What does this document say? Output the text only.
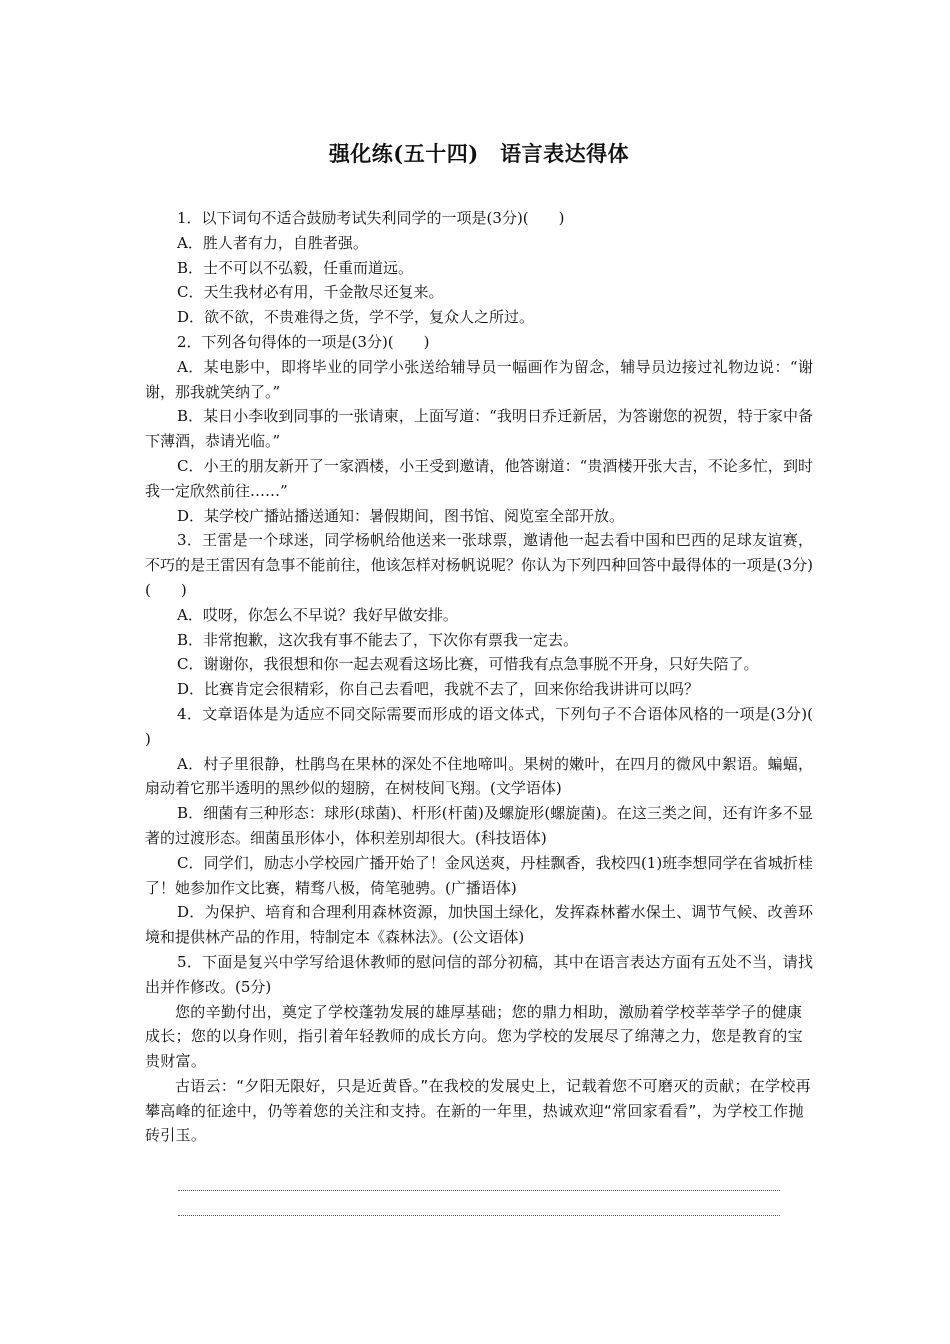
强化练(五十四)　语言表达得体

1．以下词句不适合鼓励考试失利同学的一项是(3分)(　　)

A．胜人者有力，自胜者强。

B．士不可以不弘毅，任重而道远。

C．天生我材必有用，千金散尽还复来。

D．欲不欲，不贵难得之货，学不学，复众人之所过。

2．下列各句得体的一项是(3分)(　　)

A．某电影中，即将毕业的同学小张送给辅导员一幅画作为留念，辅导员边接过礼物边说：“谢谢，那我就笑纳了。”

B．某日小李收到同事的一张请柬，上面写道：“我明日乔迁新居，为答谢您的祝贺，特于家中备下薄酒，恭请光临。”

C．小王的朋友新开了一家酒楼，小王受到邀请，他答谢道：“贵酒楼开张大吉，不论多忙，到时我一定欣然前往……”

D．某学校广播站播送通知：暑假期间，图书馆、阅览室全部开放。

3．王雷是一个球迷，同学杨帆给他送来一张球票，邀请他一起去看中国和巴西的足球友谊赛，不巧的是王雷因有急事不能前往，他该怎样对杨帆说呢？你认为下列四种回答中最得体的一项是(3分)(　　)

A．哎呀，你怎么不早说？我好早做安排。

B．非常抱歉，这次我有事不能去了，下次你有票我一定去。

C．谢谢你，我很想和你一起去观看这场比赛，可惜我有点急事脱不开身，只好失陪了。

D．比赛肯定会很精彩，你自己去看吧，我就不去了，回来你给我讲讲可以吗？

4．文章语体是为适应不同交际需要而形成的语文体式，下列句子不合语体风格的一项是(3分)(　　)

A．村子里很静，杜鹃鸟在果林的深处不住地啼叫。果树的嫩叶，在四月的微风中絮语。蝙蝠，扇动着它那半透明的黑纱似的翅膀，在树枝间飞翔。(文学语体)

B．细菌有三种形态：球形(球菌)、杆形(杆菌)及螺旋形(螺旋菌)。在这三类之间，还有许多不显著的过渡形态。细菌虽形体小，体积差别却很大。(科技语体)

C．同学们，励志小学校园广播开始了！金风送爽，丹桂飘香，我校四(1)班李想同学在省城折桂了！她参加作文比赛，精骛八极，倚笔驰骋。(广播语体)

D．为保护、培育和合理利用森林资源，加快国土绿化，发挥森林蓄水保土、调节气候、改善环境和提供林产品的作用，特制定本《森林法》。(公文语体)

5．下面是复兴中学写给退休教师的慰问信的部分初稿，其中在语言表达方面有五处不当，请找出并作修改。(5分)

您的辛勤付出，奠定了学校蓬勃发展的雄厚基础；您的鼎力相助，激励着学校莘莘学子的健康成长；您的以身作则，指引着年轻教师的成长方向。您为学校的发展尽了绵薄之力，您是教育的宝贵财富。

古语云：“夕阳无限好，只是近黄昏。”在我校的发展史上，记载着您不可磨灭的贡献；在学校再攀高峰的征途中，仍等着您的关注和支持。在新的一年里，热诚欢迎“常回家看看”，为学校工作抛砖引玉。
